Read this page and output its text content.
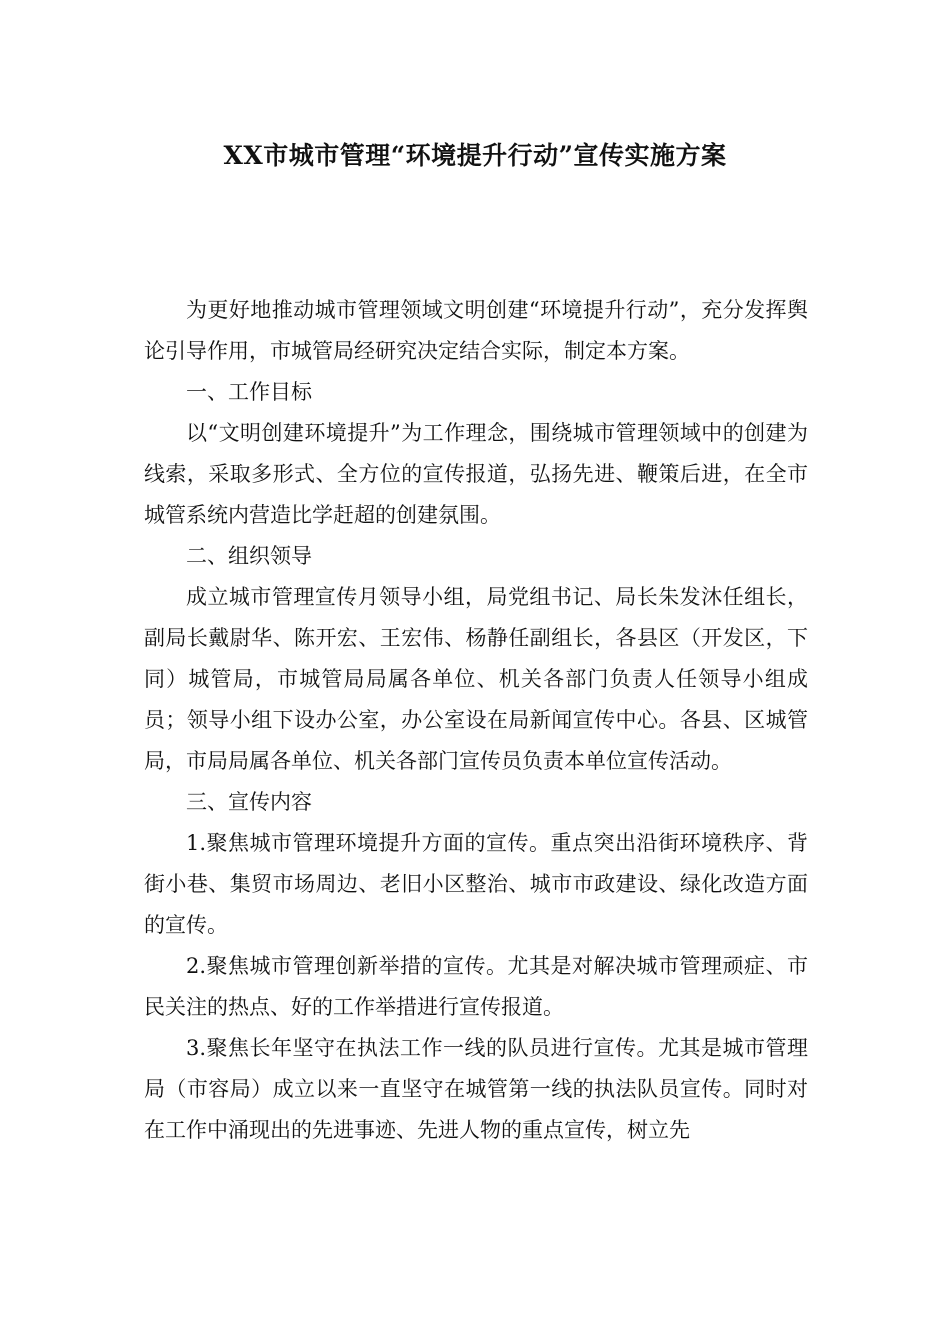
XX市城市管理“环境提升行动”宣传实施方案

为更好地推动城市管理领域文明创建“环境提升行动”，充分发挥舆论引导作用，市城管局经研究决定结合实际，制定本方案。

一、工作目标

以“文明创建环境提升”为工作理念，围绕城市管理领域中的创建为线索，采取多形式、全方位的宣传报道，弘扬先进、鞭策后进，在全市城管系统内营造比学赶超的创建氛围。

二、组织领导

成立城市管理宣传月领导小组，局党组书记、局长朱发沐任组长，副局长戴尉华、陈开宏、王宏伟、杨静任副组长，各县区（开发区，下同）城管局，市城管局局属各单位、机关各部门负责人任领导小组成员；领导小组下设办公室，办公室设在局新闻宣传中心。各县、区城管局，市局局属各单位、机关各部门宣传员负责本单位宣传活动。

三、宣传内容

1.聚焦城市管理环境提升方面的宣传。重点突出沿街环境秩序、背街小巷、集贸市场周边、老旧小区整治、城市市政建设、绿化改造方面的宣传。

2.聚焦城市管理创新举措的宣传。尤其是对解决城市管理顽症、市民关注的热点、好的工作举措进行宣传报道。

3.聚焦长年坚守在执法工作一线的队员进行宣传。尤其是城市管理局（市容局）成立以来一直坚守在城管第一线的执法队员宣传。同时对在工作中涌现出的先进事迹、先进人物的重点宣传，树立先
